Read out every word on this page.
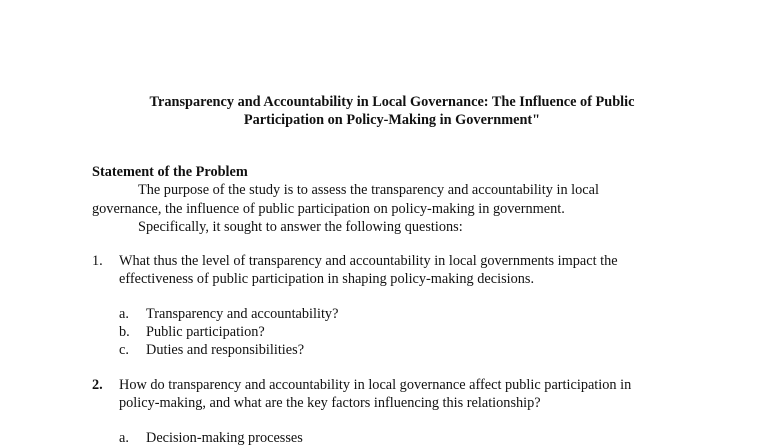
Transparency and Accountability in Local Governance: The Influence of Public
Participation on Policy-Making in Government"
Statement of the Problem
The purpose of the study is to assess the transparency and accountability in local
governance, the influence of public participation on policy-making in government.
Specifically, it sought to answer the following questions:
1. What thus the level of transparency and accountability in local governments impact the
effectiveness of public participation in shaping policy-making decisions.
a. Transparency and accountability?
b. Public participation?
c. Duties and responsibilities?
2. How do transparency and accountability in local governance affect public participation in
policy-making, and what are the key factors influencing this relationship?
a. Decision-making processes
